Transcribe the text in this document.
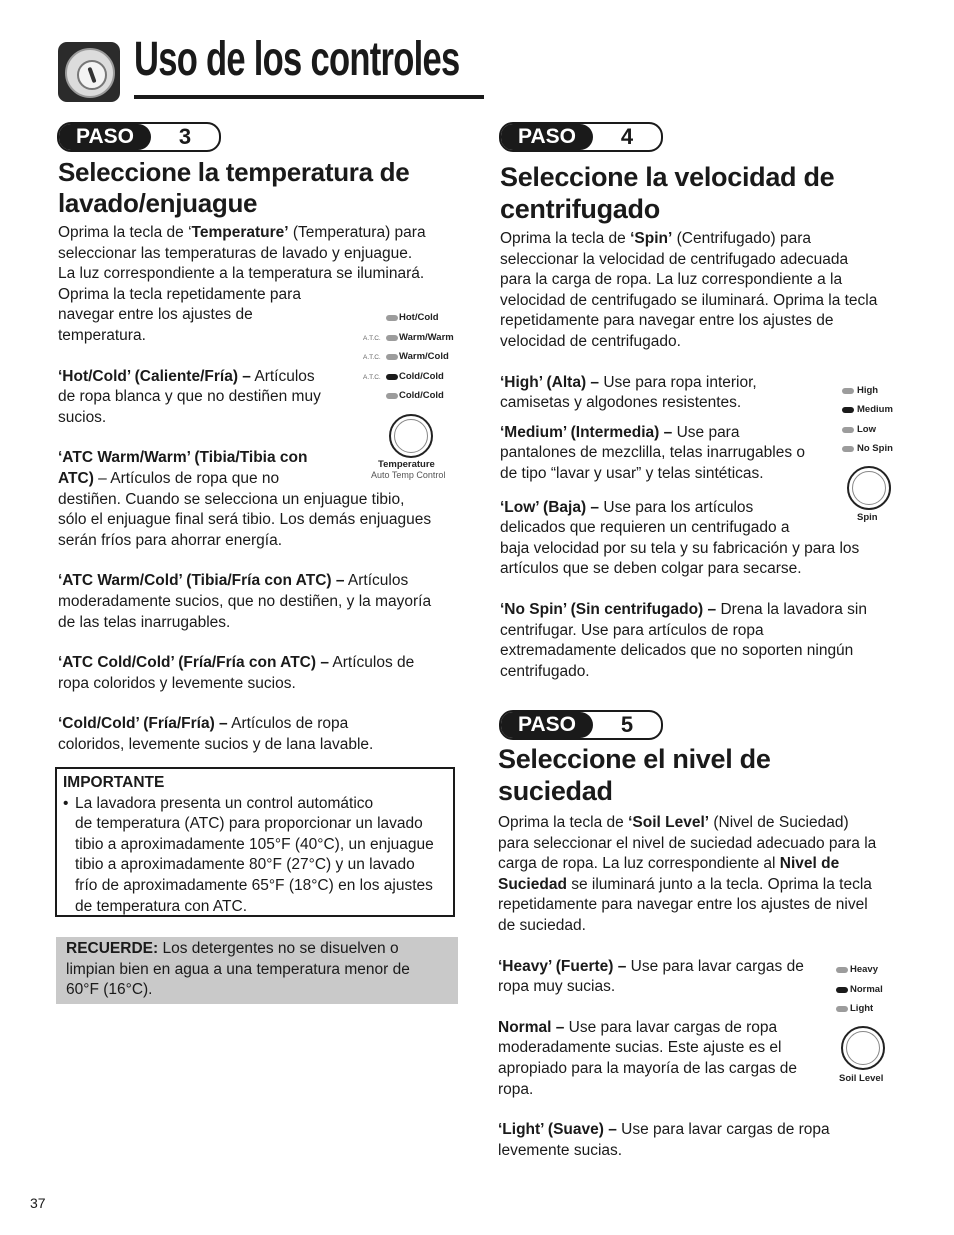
Uso de los controles
PASO	3
Seleccione la temperatura de
lavado/enjuague

Oprima la tecla de ‘Temperature’ (Temperatura) para

seleccionar las temperaturas de lavado y enjuague.

La luz correspondiente a la temperatura se iluminará.

Oprima la tecla repetidamente para

navegar entre los ajustes de

temperatura.

‘Hot/Cold’ (Caliente/Fría) – Artículos

de ropa blanca y que no destiñen muy

sucios.

‘ATC Warm/Warm’ (Tibia/Tibia con

ATC) – Artículos de ropa que no

destiñen. Cuando se selecciona un enjuague tibio,

sólo el enjuague final será tibio. Los demás enjuagues

serán fríos para ahorrar energía.

‘ATC Warm/Cold’ (Tibia/Fría con ATC) – Artículos

moderadamente sucios, que no destiñen, y la mayoría

de las telas inarrugables.

‘ATC Cold/Cold’ (Fría/Fría con ATC) – Artículos de

ropa coloridos y levemente sucios.

‘Cold/Cold’ (Fría/Fría) – Artículos de ropa

coloridos, levemente sucios y de lana lavable.

Hot/Cold
A.T.C. Warm/Warm
A.T.C. Warm/Cold
A.T.C. Cold/Cold
Cold/Cold
Temperature
Auto Temp Control
IMPORTANTE
• La lavadora presenta un control automático
de temperatura (ATC) para proporcionar un lavado
tibio a aproximadamente 105°F (40°C), un enjuague
tibio a aproximadamente 80°F (27°C) y un lavado
frío de aproximadamente 65°F (18°C) en los ajustes
de temperatura con ATC.
RECUERDE: Los detergentes no se disuelven o
limpian bien en agua a una temperatura menor de
60°F (16°C).
PASO	4
Seleccione la velocidad de
centrifugado

Oprima la tecla de ‘Spin’ (Centrifugado) para

seleccionar la velocidad de centrifugado adecuada

para la carga de ropa. La luz correspondiente a la

velocidad de centrifugado se iluminará. Oprima la tecla

repetidamente para navegar entre los ajustes de

velocidad de centrifugado.

‘High’ (Alta) – Use para ropa interior,

camisetas y algodones resistentes.

‘Medium’ (Intermedia) – Use para

pantalones de mezclilla, telas inarrugables o

de tipo “lavar y usar” y telas sintéticas.

‘Low’ (Baja) – Use para los artículos

delicados que requieren un centrifugado a

baja velocidad por su tela y su fabricación y para los

artículos que se deben colgar para secarse.

‘No Spin’ (Sin centrifugado) – Drena la lavadora sin

centrifugar. Use para artículos de ropa

extremadamente delicados que no soporten ningún

centrifugado.

High
Medium
Low
No Spin
Spin
PASO	5
Seleccione el nivel de
suciedad

Oprima la tecla de ‘Soil Level’ (Nivel de Suciedad)

para seleccionar el nivel de suciedad adecuado para la

carga de ropa. La luz correspondiente al Nivel de

Suciedad se iluminará junto a la tecla. Oprima la tecla

repetidamente para navegar entre los ajustes de nivel

de suciedad.

‘Heavy’ (Fuerte) – Use para lavar cargas de

ropa muy sucias.

Normal – Use para lavar cargas de ropa

moderadamente sucias. Este ajuste es el

apropiado para la mayoría de las cargas de

ropa.

‘Light’ (Suave) – Use para lavar cargas de ropa

levemente sucias.

Heavy
Normal
Light
Soil Level
37
